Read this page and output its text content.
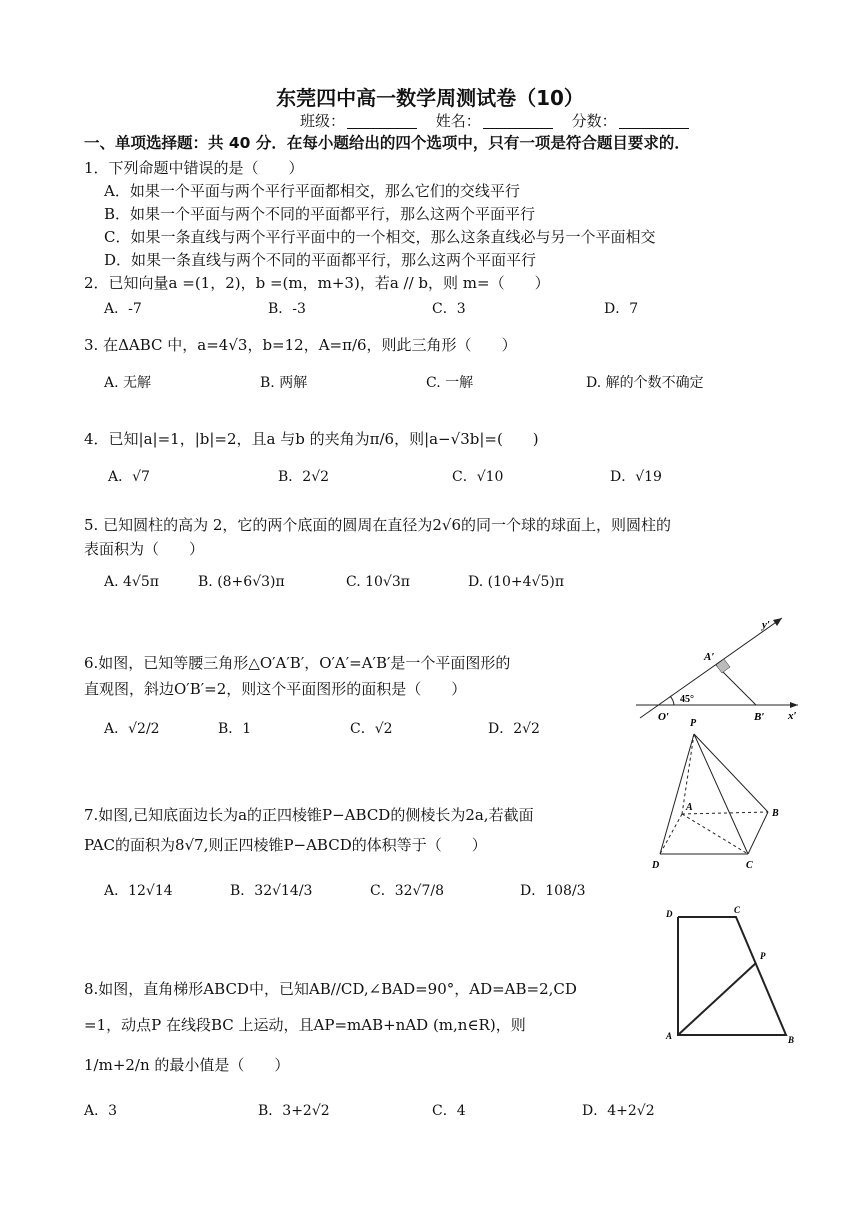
东莞四中高一数学周测试卷（10）
班级：	姓名：	分数：
一、单项选择题：共 40 分．在每小题给出的四个选项中，只有一项是符合题目要求的．
1．下列命题中错误的是（　　）
A．如果一个平面与两个平行平面都相交，那么它们的交线平行
B．如果一个平面与两个不同的平面都平行，那么这两个平面平行
C．如果一条直线与两个平行平面中的一个相交，那么这条直线必与另一个平面相交
D．如果一条直线与两个不同的平面都平行，那么这两个平面平行
2．已知向量a =(1，2)，b =(m，m+3)，若a // b，则 m=（　　）
A．-7	B．-3	C．3	D．7
3. 在ΔABC 中，a=4√3，b=12，A=π/6，则此三角形（　　）
A. 无解	B. 两解	C. 一解	D. 解的个数不确定
4．已知|a|=1，|b|=2，且a 与b 的夹角为π/6，则|a−√3b|=(　　)
A．√7	B．2√2	C．√10	D．√19
5. 已知圆柱的高为 2，它的两个底面的圆周在直径为2√6的同一个球的球面上，则圆柱的
表面积为（　　）
A. 4√5π	B. (8+6√3)π	C. 10√3π	D. (10+4√5)π
6.如图，已知等腰三角形△O′A′B′，O′A′=A′B′是一个平面图形的
直观图，斜边O′B′=2，则这个平面图形的面积是（　　）
A．√2/2	B．1	C．√2	D．2√2
O′
A′
B′ x′
y′
45°
7.如图,已知底面边长为a的正四棱锥P−ABCD的侧棱长为2a,若截面
PAC的面积为8√7,则正四棱锥P−ABCD的体积等于（　　）
A．12√14	B．32√14/3	C．32√7/8	D．108/3
P
A
B
C
D
8.如图，直角梯形ABCD中，已知AB//CD,∠BAD=90°，AD=AB=2,CD
=1，动点P 在线段BC 上运动，且AP=mAB+nAD (m,n∈R)，则
1/m+2/n 的最小值是（　　）
A．3	B．3+2√2	C．4	D．4+2√2
A	B
C
D
P
